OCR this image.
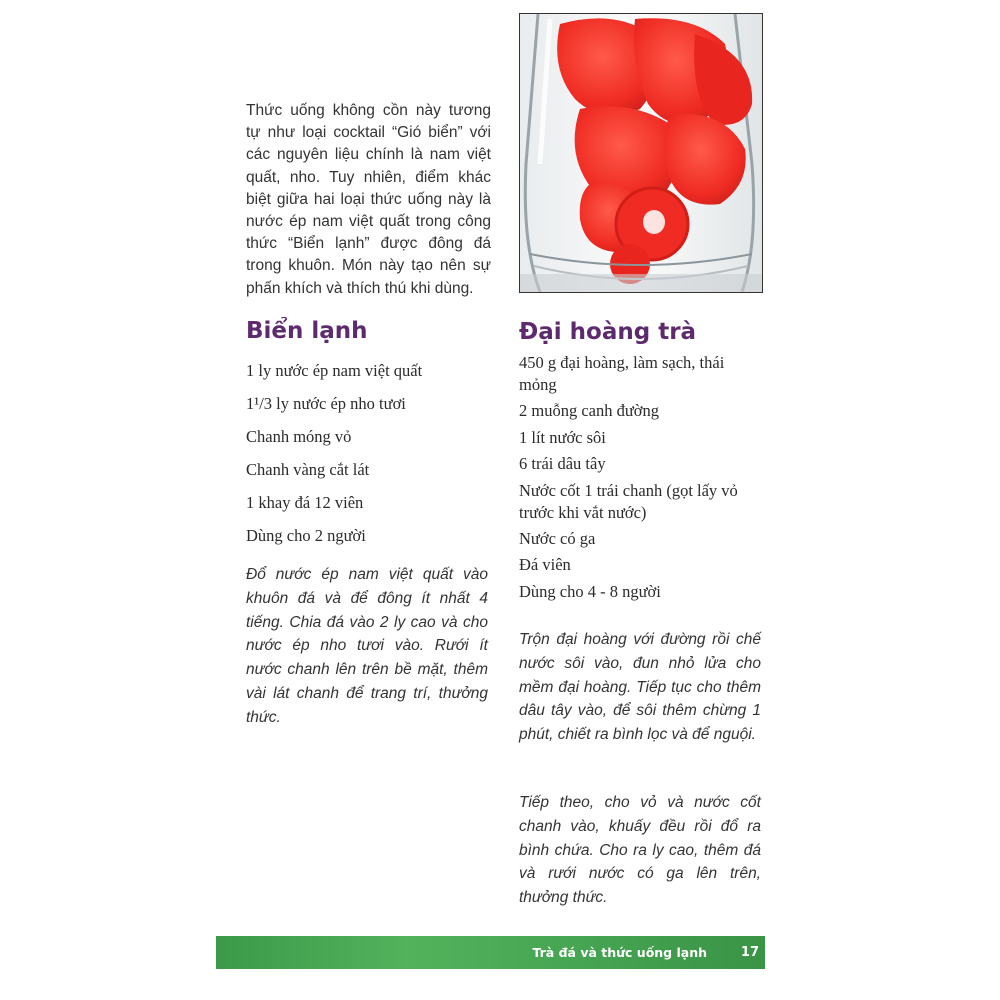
Thức uống không cồn này tương tự như loại cocktail “Gió biển” với các nguyên liệu chính là nam việt quất, nho. Tuy nhiên, điểm khác biệt giữa hai loại thức uống này là nước ép nam việt quất trong công thức “Biển lạnh” được đông đá trong khuôn. Món này tạo nên sự phấn khích và thích thú khi dùng.

Biển lạnh
1 ly nước ép nam việt quất
1¹/3 ly nước ép nho tươi
Chanh móng vỏ
Chanh vàng cắt lát
1 khay đá 12 viên
Dùng cho 2 người

Đổ nước ép nam việt quất vào khuôn đá và để đông ít nhất 4 tiếng. Chia đá vào 2 ly cao và cho nước ép nho tươi vào. Rưới ít nước chanh lên trên bề mặt, thêm vài lát chanh để trang trí, thưởng thức.

Đại hoàng trà
450 g đại hoàng, làm sạch, thái mỏng
2 muỗng canh đường
1 lít nước sôi
6 trái dâu tây
Nước cốt 1 trái chanh (gọt lấy vỏ trước khi vắt nước)
Nước có ga
Đá viên
Dùng cho 4 - 8 người

Trộn đại hoàng với đường rồi chế nước sôi vào, đun nhỏ lửa cho mềm đại hoàng. Tiếp tục cho thêm dâu tây vào, để sôi thêm chừng 1 phút, chiết ra bình lọc và để nguội.

Tiếp theo, cho vỏ và nước cốt chanh vào, khuấy đều rồi đổ ra bình chứa. Cho ra ly cao, thêm đá và rưới nước có ga lên trên, thưởng thức.

Trà đá và thức uống lạnh	17
